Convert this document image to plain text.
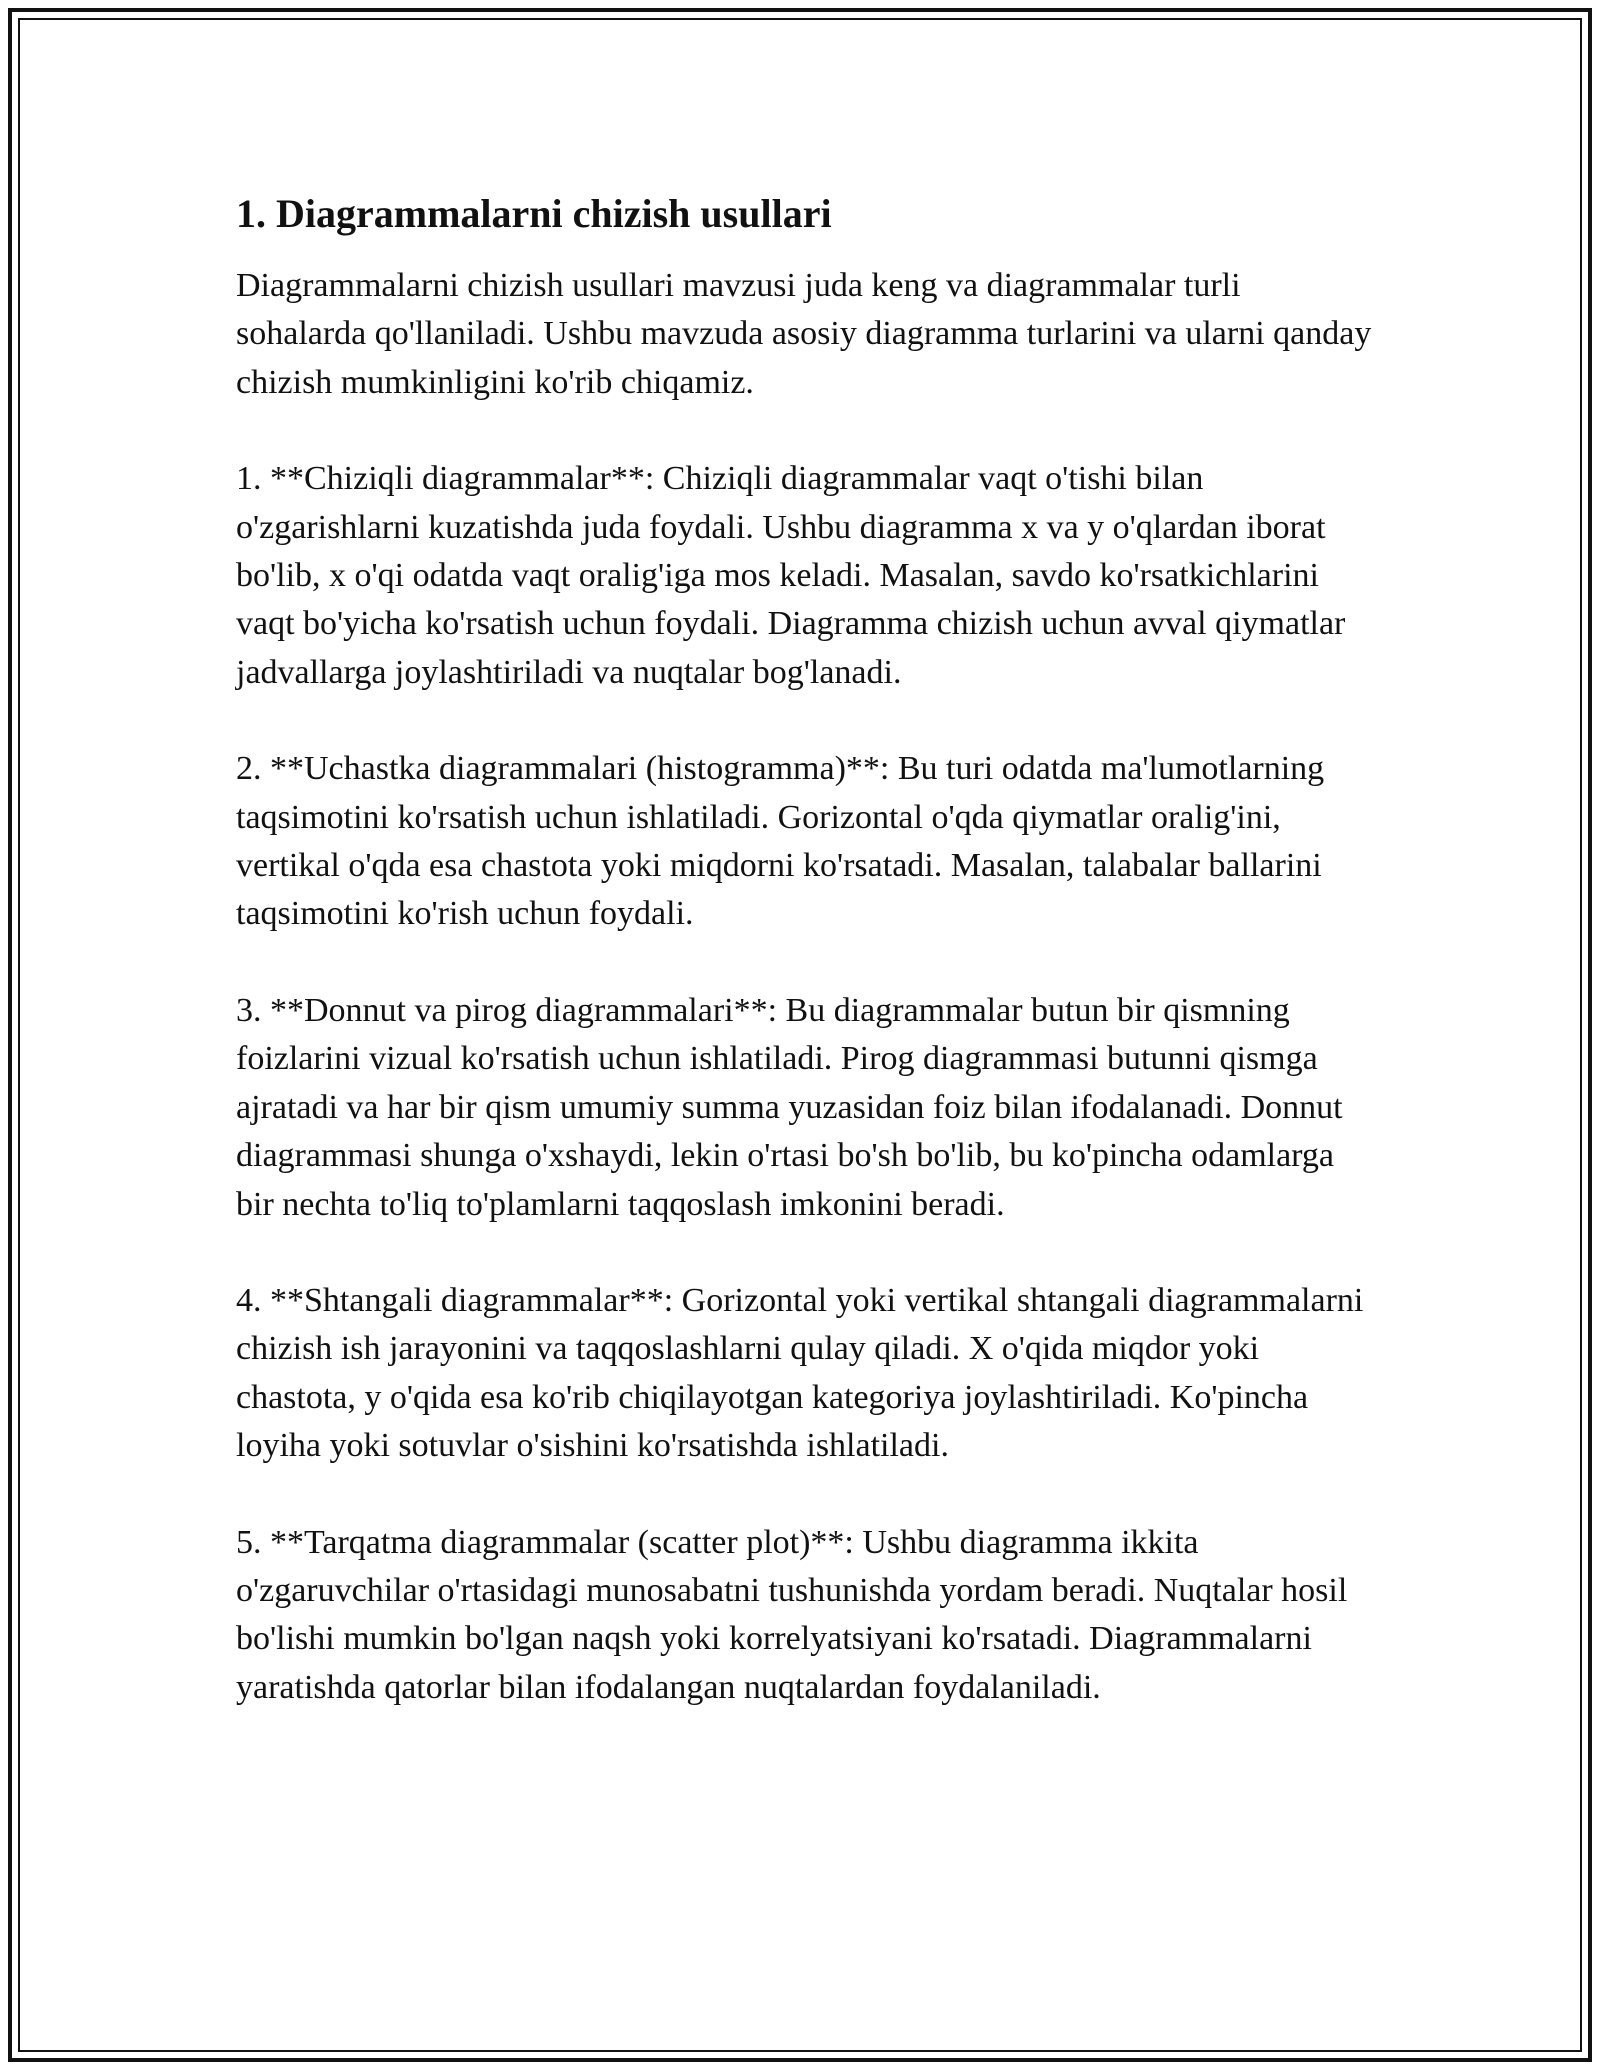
1. Diagrammalarni chizish usullari

Diagrammalarni chizish usullari mavzusi juda keng va diagrammalar turli sohalarda qo'llaniladi. Ushbu mavzuda asosiy diagramma turlarini va ularni qanday chizish mumkinligini ko'rib chiqamiz.

1. **Chiziqli diagrammalar**: Chiziqli diagrammalar vaqt o'tishi bilan o'zgarishlarni kuzatishda juda foydali. Ushbu diagramma x va y o'qlardan iborat bo'lib, x o'qi odatda vaqt oralig'iga mos keladi. Masalan, savdo ko'rsatkichlarini vaqt bo'yicha ko'rsatish uchun foydali. Diagramma chizish uchun avval qiymatlar jadvallarga joylashtiriladi va nuqtalar bog'lanadi.

2. **Uchastka diagrammalari (histogramma)**: Bu turi odatda ma'lumotlarning taqsimotini ko'rsatish uchun ishlatiladi. Gorizontal o'qda qiymatlar oralig'ini, vertikal o'qda esa chastota yoki miqdorni ko'rsatadi. Masalan, talabalar ballarini taqsimotini ko'rish uchun foydali.

3. **Donnut va pirog diagrammalari**: Bu diagrammalar butun bir qismning foizlarini vizual ko'rsatish uchun ishlatiladi. Pirog diagrammasi butunni qismga ajratadi va har bir qism umumiy summa yuzasidan foiz bilan ifodalanadi. Donnut diagrammasi shunga o'xshaydi, lekin o'rtasi bo'sh bo'lib, bu ko'pincha odamlarga bir nechta to'liq to'plamlarni taqqoslash imkonini beradi.

4. **Shtangali diagrammalar**: Gorizontal yoki vertikal shtangali diagrammalarni chizish ish jarayonini va taqqoslashlarni qulay qiladi. X o'qida miqdor yoki chastota, y o'qida esa ko'rib chiqilayotgan kategoriya joylashtiriladi. Ko'pincha loyiha yoki sotuvlar o'sishini ko'rsatishda ishlatiladi.

5. **Tarqatma diagrammalar (scatter plot)**: Ushbu diagramma ikkita o'zgaruvchilar o'rtasidagi munosabatni tushunishda yordam beradi. Nuqtalar hosil bo'lishi mumkin bo'lgan naqsh yoki korrelyatsiyani ko'rsatadi. Diagrammalarni yaratishda qatorlar bilan ifodalangan nuqtalardan foydalaniladi.
